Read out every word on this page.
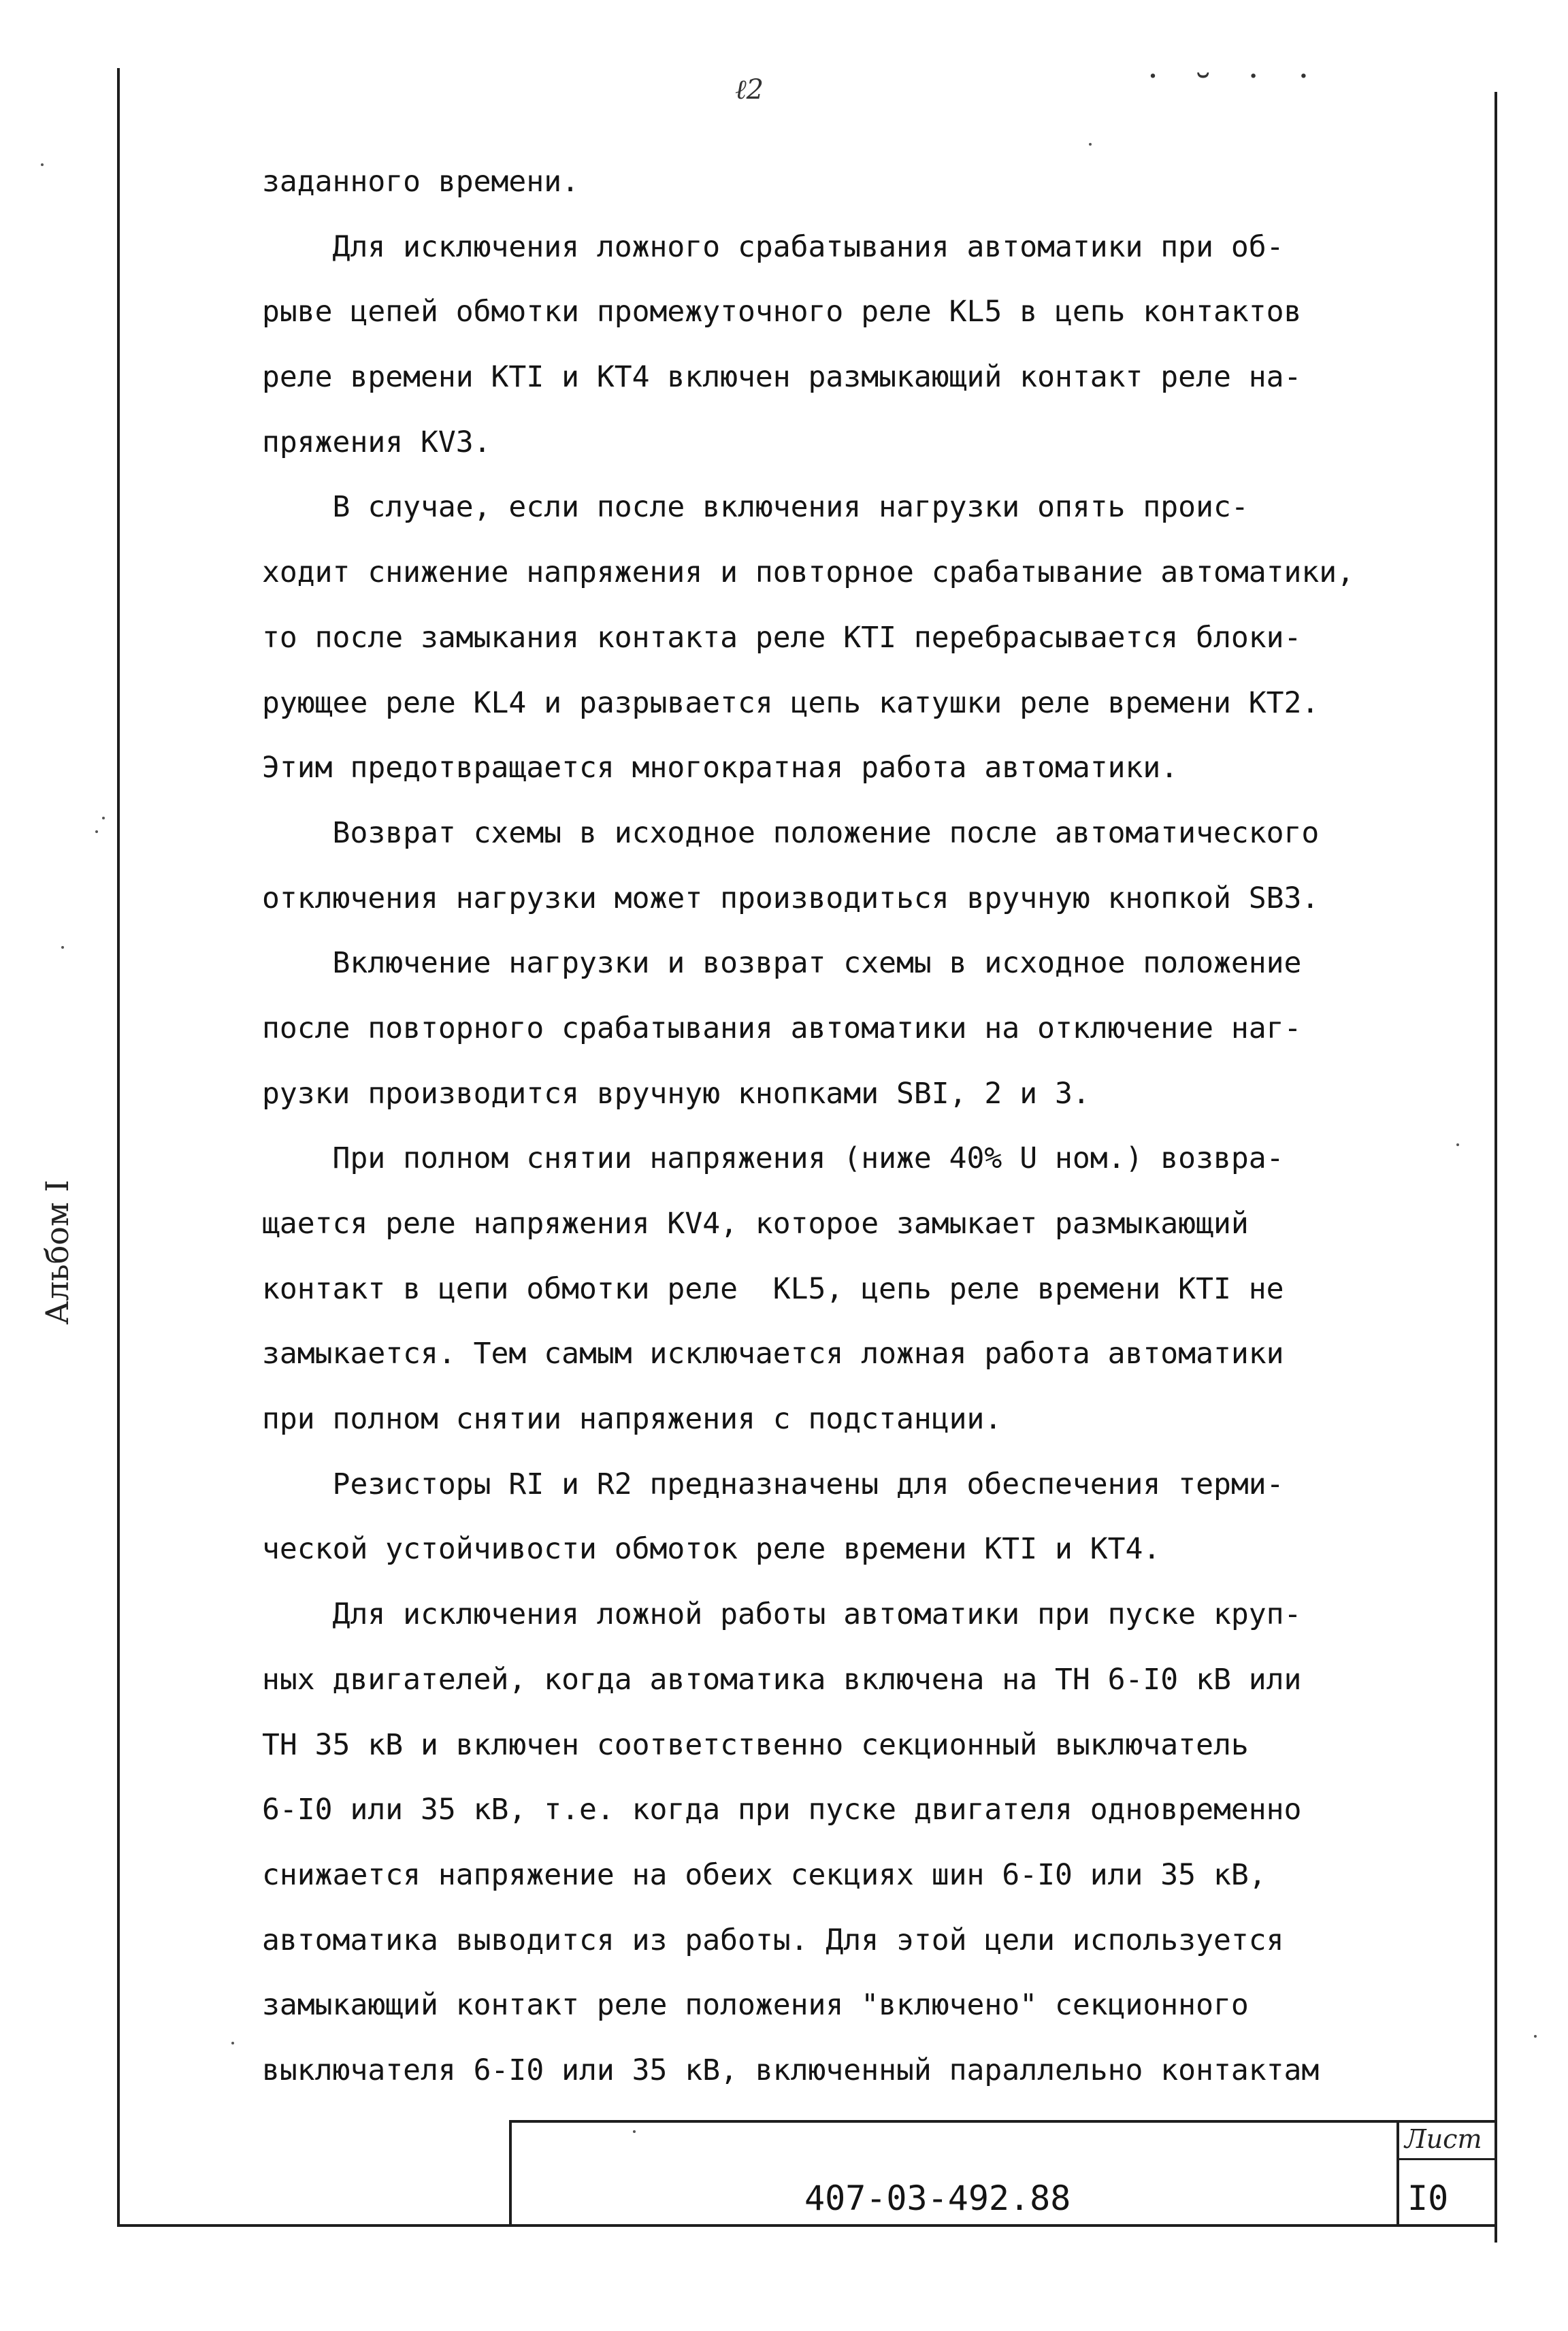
ℓ2	˙ ˘ ˙ ˙
Альбом I
заданного времени.
Для исключения ложного срабатывания автоматики при об-
рыве цепей обмотки промежуточного реле KL5 в цепь контактов
реле времени КТI и КТ4 включен размыкающий контакт реле на-
пряжения KV3.
В случае, если после включения нагрузки опять проис-
ходит снижение напряжения и повторное срабатывание автоматики,
то после замыкания контакта реле КТI перебрасывается блоки-
рующее реле KL4 и разрывается цепь катушки реле времени КТ2.
Этим предотвращается многократная работа автоматики.
Возврат схемы в исходное положение после автоматического
отключения нагрузки может производиться вручную кнопкой SB3.
Включение нагрузки и возврат схемы в исходное положение
после повторного срабатывания автоматики на отключение наг-
рузки производится вручную кнопками SBI, 2 и 3.
При полном снятии напряжения (ниже 40% U ном.) возвра-
щается реле напряжения KV4, которое замыкает размыкающий
контакт в цепи обмотки реле  KL5, цепь реле времени КТI не
замыкается. Тем самым исключается ложная работа автоматики
при полном снятии напряжения с подстанции.
Резисторы RI и R2 предназначены для обеспечения терми-
ческой устойчивости обмоток реле времени КТI и КТ4.
Для исключения ложной работы автоматики при пуске круп-
ных двигателей, когда автоматика включена на ТН 6-I0 кВ или
ТН 35 кВ и включен соответственно секционный выключатель
6-I0 или 35 кВ, т.е. когда при пуске двигателя одновременно
снижается напряжение на обеих секциях шин 6-I0 или 35 кВ,
автоматика выводится из работы. Для этой цели используется
замыкающий контакт реле положения "включено" секционного
выключателя 6-I0 или 35 кВ, включенный параллельно контактам
407-03-492.88
Лист
I0
